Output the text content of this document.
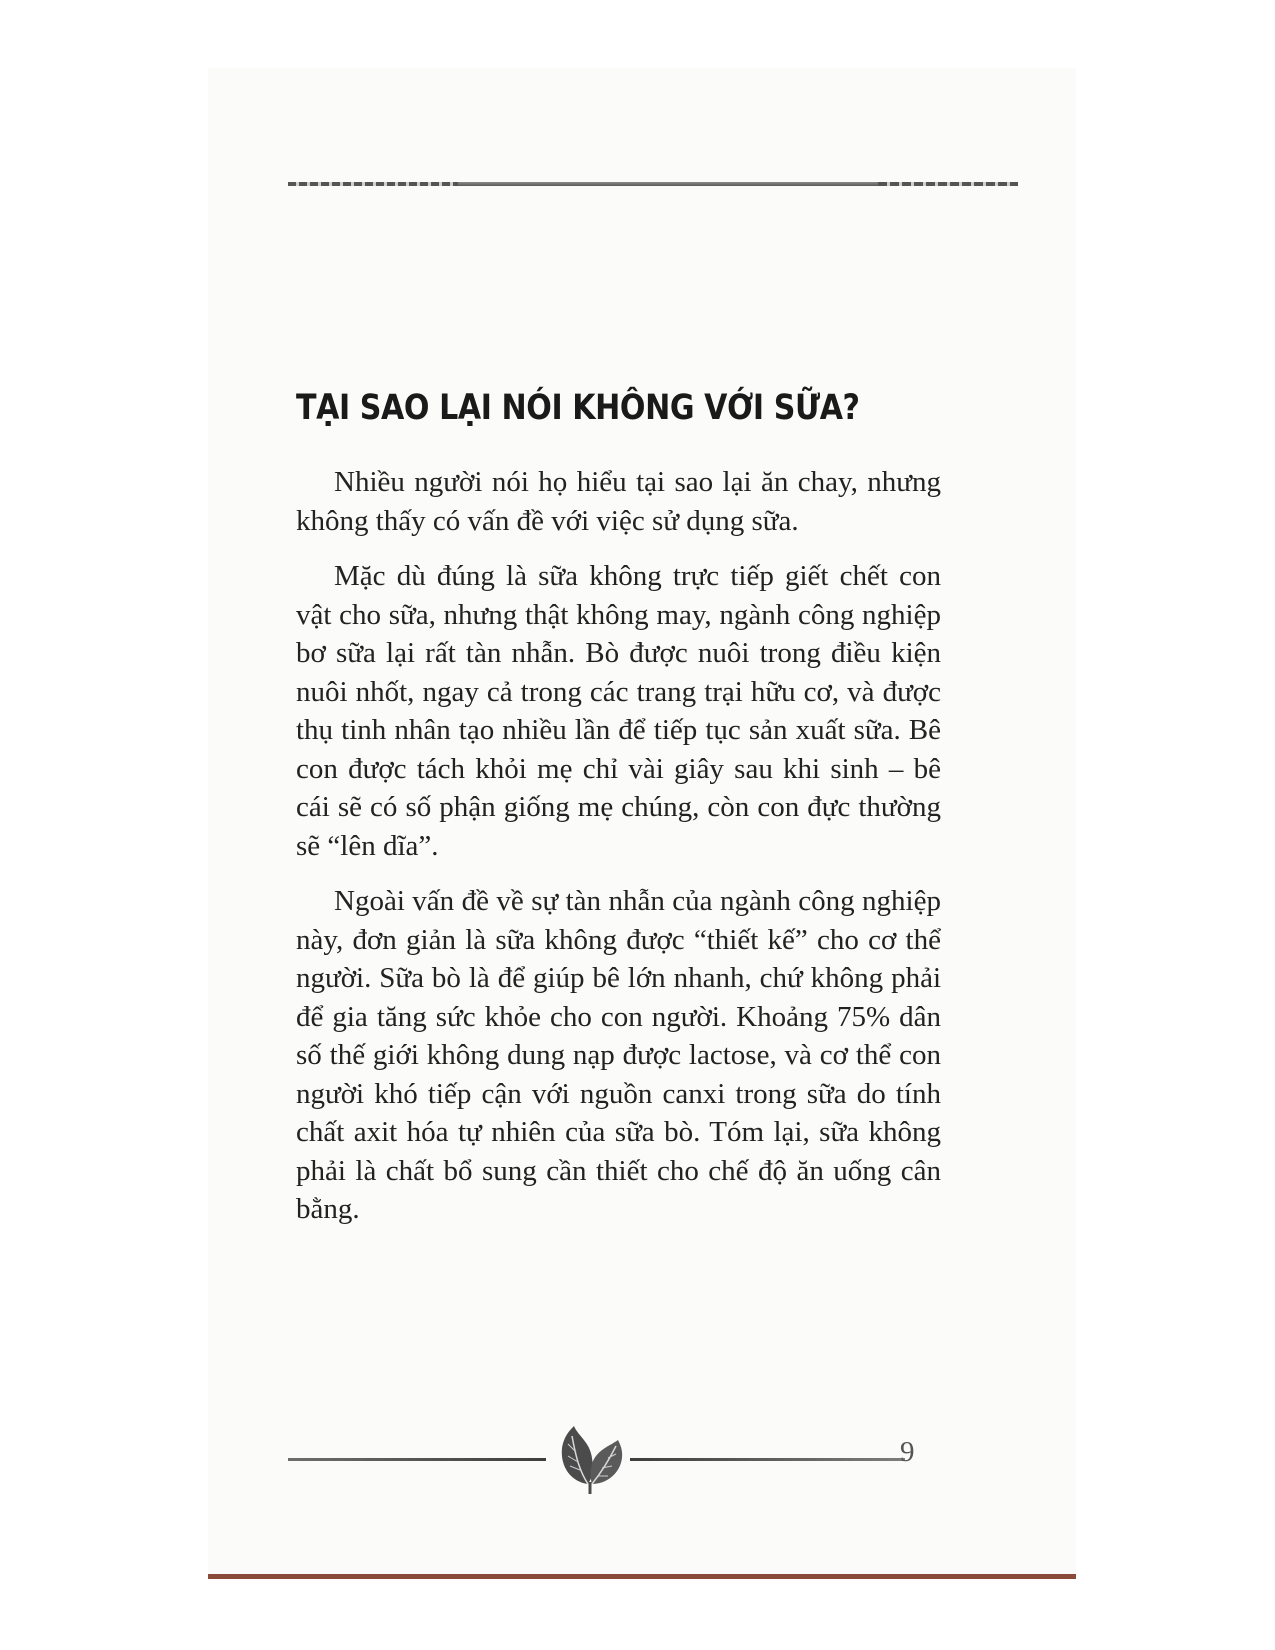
TẠI SAO LẠI NÓI KHÔNG VỚI SỮA?

Nhiều người nói họ hiểu tại sao lại ăn chay, nhưng không thấy có vấn đề với việc sử dụng sữa.

Mặc dù đúng là sữa không trực tiếp giết chết con vật cho sữa, nhưng thật không may, ngành công nghiệp bơ sữa lại rất tàn nhẫn. Bò được nuôi trong điều kiện nuôi nhốt, ngay cả trong các trang trại hữu cơ, và được thụ tinh nhân tạo nhiều lần để tiếp tục sản xuất sữa. Bê con được tách khỏi mẹ chỉ vài giây sau khi sinh – bê cái sẽ có số phận giống mẹ chúng, còn con đực thường sẽ “lên dĩa”.

Ngoài vấn đề về sự tàn nhẫn của ngành công nghiệp này, đơn giản là sữa không được “thiết kế” cho cơ thể người. Sữa bò là để giúp bê lớn nhanh, chứ không phải để gia tăng sức khỏe cho con người. Khoảng 75% dân số thế giới không dung nạp được lactose, và cơ thể con người khó tiếp cận với nguồn canxi trong sữa do tính chất axit hóa tự nhiên của sữa bò. Tóm lại, sữa không phải là chất bổ sung cần thiết cho chế độ ăn uống cân bằng.

9
